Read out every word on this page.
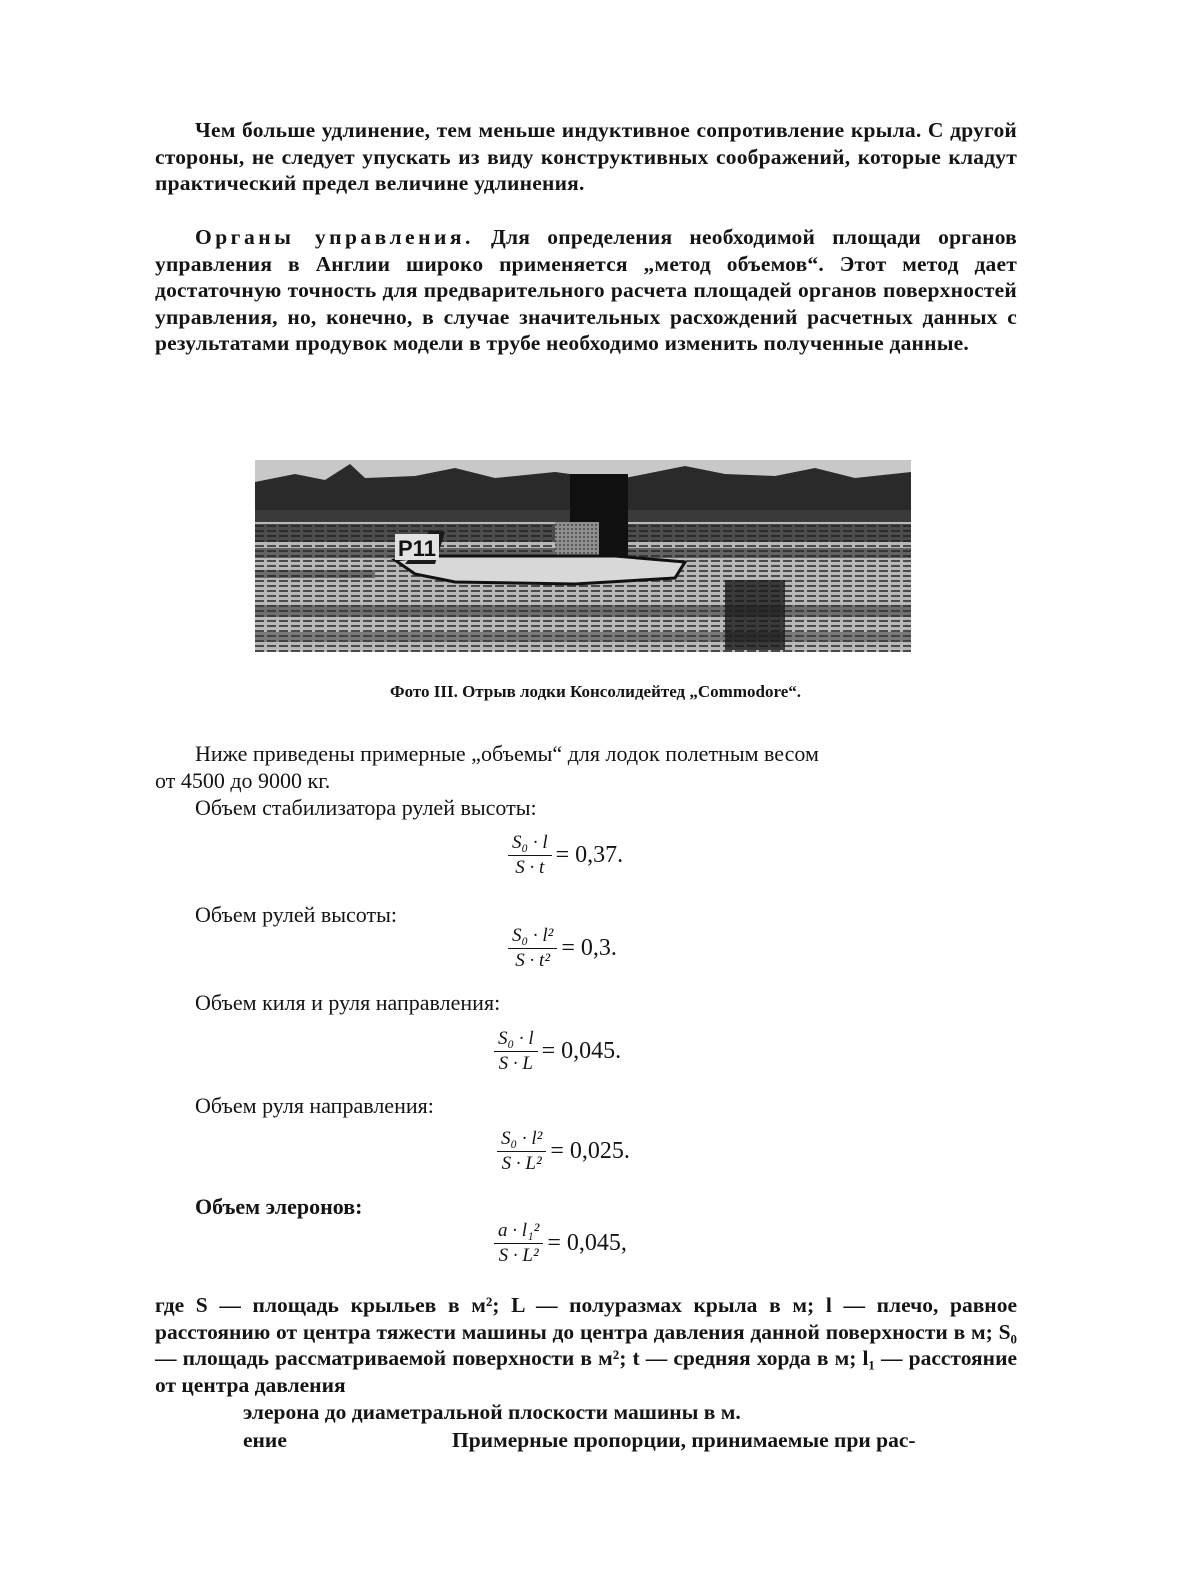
Чем больше удлинение, тем меньше индуктивное сопротивление крыла. С другой стороны, не следует упускать из виду конструктивных соображений, которые кладут практический предел величине удлинения.

Органы управления. Для определения необходимой площади органов управления в Англии широко применяется „метод объемов“. Этот метод дает достаточную точность для предварительного расчета площадей органов поверхностей управления, но, конечно, в случае значительных расхождений расчетных данных с результатами продувок модели в трубе необходимо изменить полученные данные.

P11

Фото III. Отрыв лодки Консолидейтед „Commodore“.

Ниже приведены примерные „объемы“ для лодок полетным весом

от 4500 до 9000 кг.

Объем стабилизатора рулей высоты:

$\frac{\text{S₀ · l}}{S \cdot t} = 0,37$.

Объем рулей высоты:

$\frac{\text{S₀ · l²}}{\text{S · t²}} = 0,3$.

Объем киля и руля направления:

$\frac{\text{S₀ · l}}{S \cdot L} = 0,045$.

Объем руля направления:

$\frac{\text{S₀ · l²}}{\text{S · L²}} = 0,025$.

Объем элеронов:

$\frac{\text{a · l₁²}}{\text{S · L²}} = 0,045$,

где S — площадь крыльев в м²; L — полуразмах крыла в м; l — плечо, равное расстоянию от центра тяжести машины до центра давления данной поверхности в м; S₀ — площадь рассматриваемой поверхности в м²; t — средняя хорда в м; l₁ — расстояние от центра давления

элерона до диаметральной плоскости машины в м.

ение	Примерные пропорции, принимаемые при рас-
